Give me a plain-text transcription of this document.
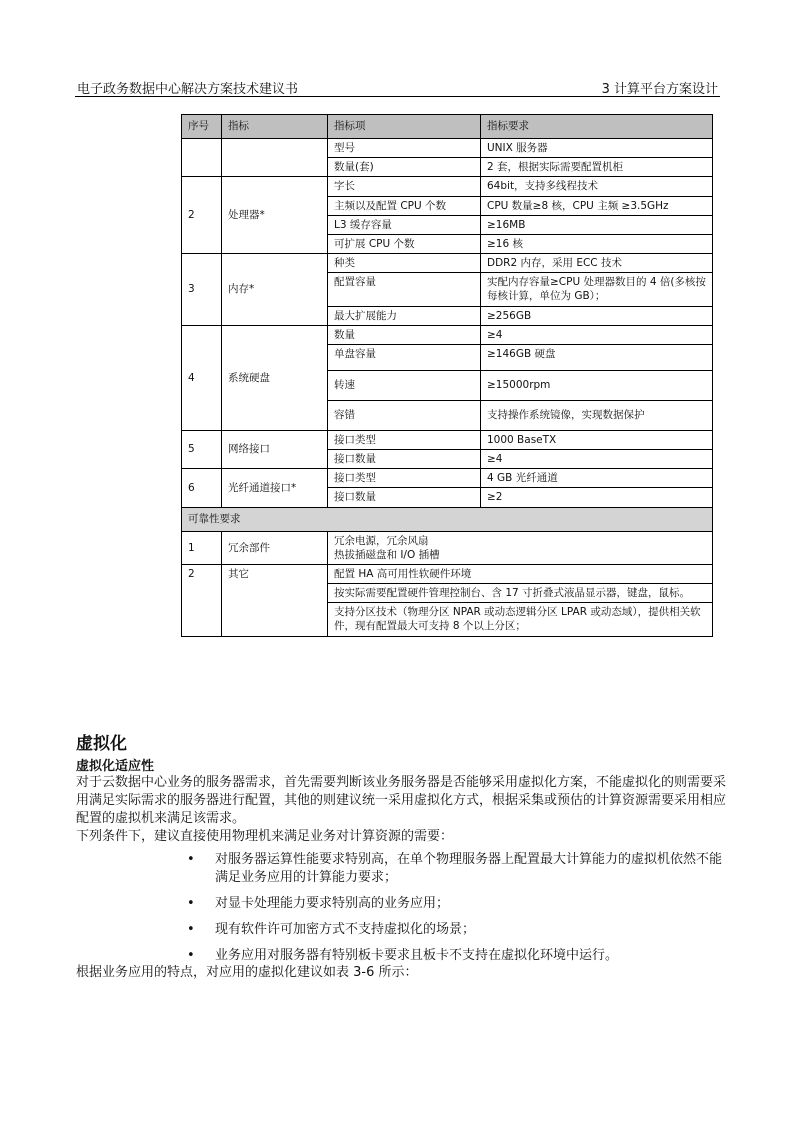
电子政务数据中心解决方案技术建议书	3 计算平台方案设计
序号	指标	指标项	指标要求
		型号	UNIX 服务器
		数量(套)	2 套，根据实际需要配置机柜
2	处理器*	字长	64bit，支持多线程技术
		主频以及配置 CPU 个数	CPU 数量≥8 核，CPU 主频 ≥3.5GHz
		L3 缓存容量	≥16MB
		可扩展 CPU 个数	≥16 核
3	内存*	种类	DDR2 内存，采用 ECC 技术
		配置容量	实配内存容量≥CPU 处理器数目的 4 倍(多核按每核计算，单位为 GB）；
		最大扩展能力	≥256GB
4	系统硬盘	数量	≥4
		单盘容量	≥146GB 硬盘
		转速	≥15000rpm
		容错	支持操作系统镜像，实现数据保护
5	网络接口	接口类型	1000 BaseTX
		接口数量	≥4
6	光纤通道接口*	接口类型	4 GB 光纤通道
		接口数量	≥2
可靠性要求			
1	冗余部件	冗余电源，冗余风扇
热拔插磁盘和 I/O 插槽	

2	其它	配置 HA 高可用性软硬件环境	
		按实际需要配置硬件管理控制台、含 17 寸折叠式液晶显示器，键盘，鼠标。	
		支持分区技术（物理分区 NPAR 或动态逻辑分区 LPAR 或动态域），提供相关软件，现有配置最大可支持 8 个以上分区；	
虚拟化
虚拟化适应性
对于云数据中心业务的服务器需求，首先需要判断该业务服务器是否能够采用虚拟化方案，不能虚拟化的则需要采用满足实际需求的服务器进行配置，其他的则建议统一采用虚拟化方式，根据采集或预估的计算资源需要采用相应配置的虚拟机来满足该需求。
下列条件下，建议直接使用物理机来满足业务对计算资源的需要：
• 对服务器运算性能要求特别高，在单个物理服务器上配置最大计算能力的虚拟机依然不能满足业务应用的计算能力要求；
• 对显卡处理能力要求特别高的业务应用；
• 现有软件许可加密方式不支持虚拟化的场景；
• 业务应用对服务器有特别板卡要求且板卡不支持在虚拟化环境中运行。
根据业务应用的特点，对应用的虚拟化建议如表 3-6 所示：
